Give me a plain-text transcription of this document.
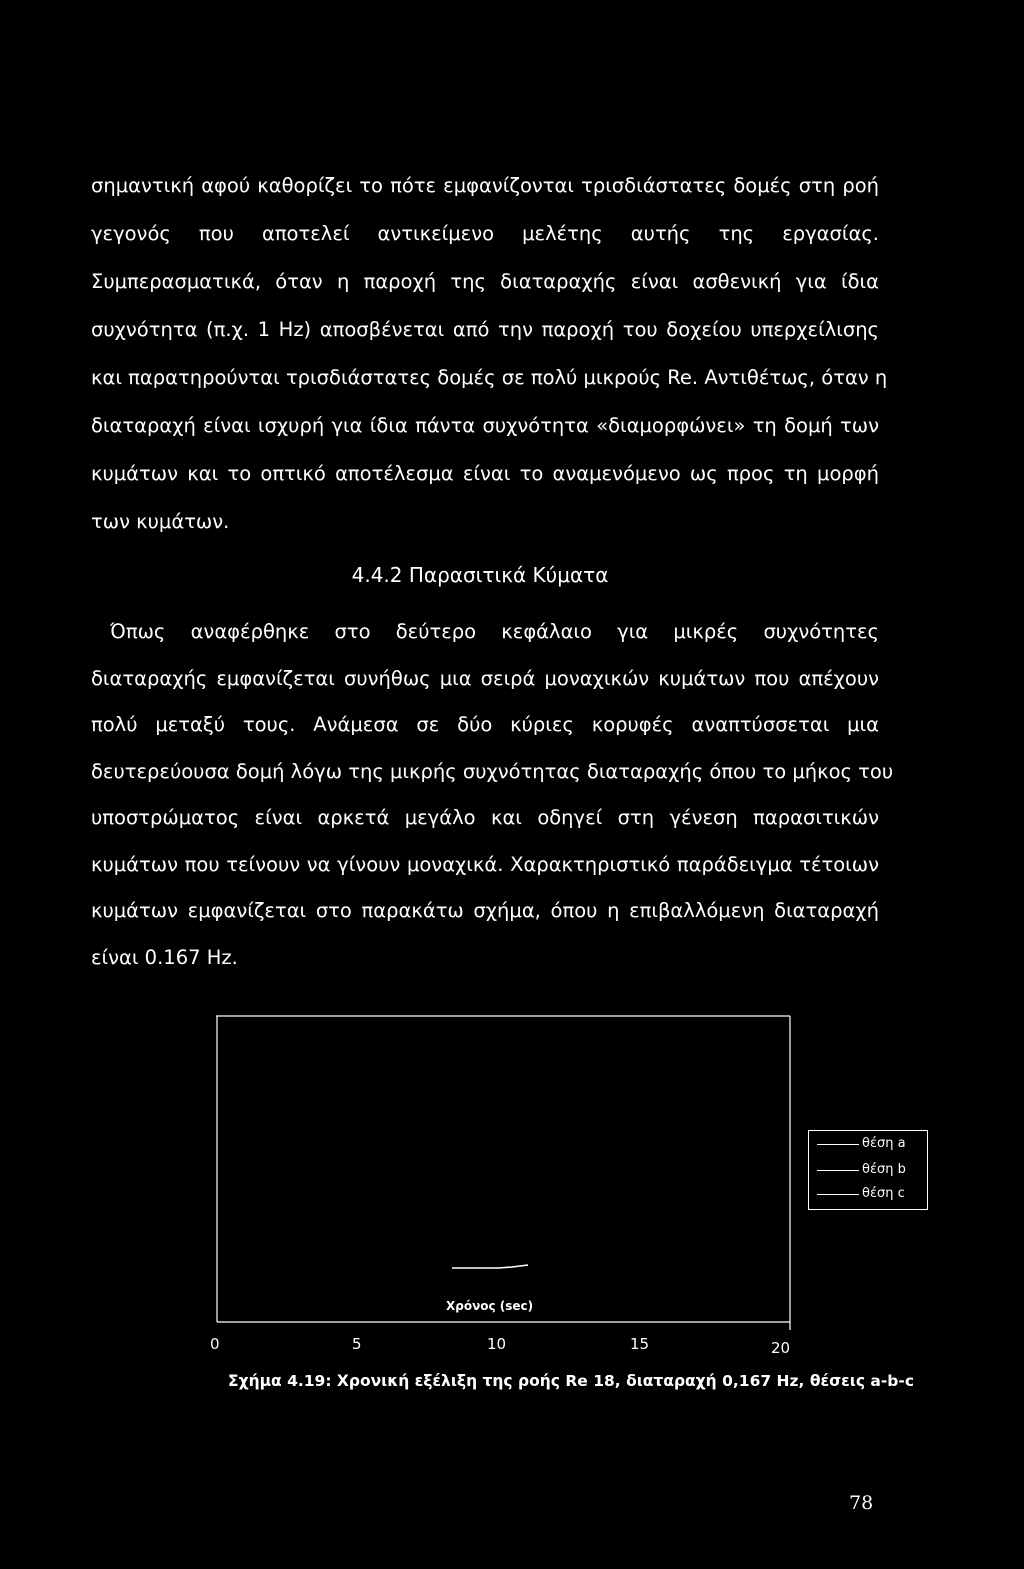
σημαντική αφού καθορίζει το πότε εμφανίζονται τρισδιάστατες δομές στη ροή
γεγονός που αποτελεί αντικείμενο μελέτης αυτής της εργασίας.
Συμπερασματικά, όταν η παροχή της διαταραχής είναι ασθενική για ίδια
συχνότητα (π.χ. 1 Hz) αποσβένεται από την παροχή του δοχείου υπερχείλισης
και παρατηρούνται τρισδιάστατες δομές σε πολύ μικρούς Re. Αντιθέτως, όταν η
διαταραχή είναι ισχυρή για ίδια πάντα συχνότητα «διαμορφώνει» τη δομή των
κυμάτων και το οπτικό αποτέλεσμα είναι το αναμενόμενο ως προς τη μορφή
των κυμάτων.
4.4.2 Παρασιτικά Κύματα
Όπως αναφέρθηκε στο δεύτερο κεφάλαιο για μικρές συχνότητες
διαταραχής εμφανίζεται συνήθως μια σειρά μοναχικών κυμάτων που απέχουν
πολύ μεταξύ τους. Ανάμεσα σε δύο κύριες κορυφές αναπτύσσεται μια
δευτερεύουσα δομή λόγω της μικρής συχνότητας διαταραχής όπου το μήκος του
υποστρώματος είναι αρκετά μεγάλο και οδηγεί στη γένεση παρασιτικών
κυμάτων που τείνουν να γίνουν μοναχικά. Χαρακτηριστικό παράδειγμα τέτοιων
κυμάτων εμφανίζεται στο παρακάτω σχήμα, όπου η επιβαλλόμενη διαταραχή
είναι 0.167 Hz.
θέση a
θέση b
θέση c
Χρόνος (sec)
0	5	10	15	20
Σχήμα 4.19: Χρονική εξέλιξη της ροής Re 18, διαταραχή 0,167 Hz, θέσεις a-b-c
78
